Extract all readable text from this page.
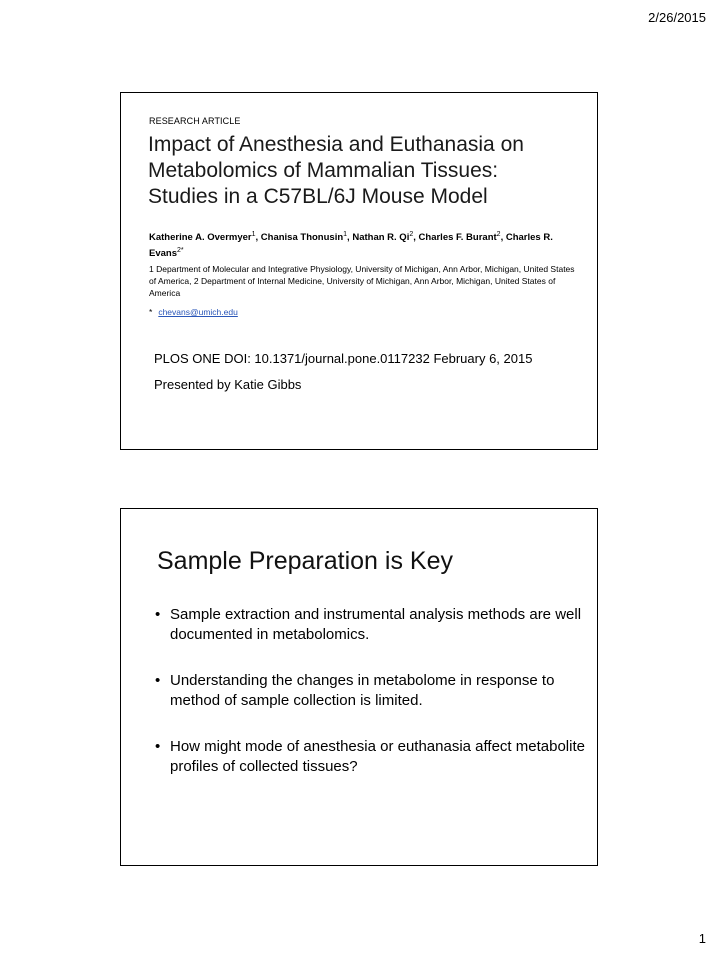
2/26/2015
RESEARCH ARTICLE
Impact of Anesthesia and Euthanasia on
Metabolomics of Mammalian Tissues:
Studies in a C57BL/6J Mouse Model
Katherine A. Overmyer$^1$, Chanisa Thonusin$^1$, Nathan R. Qi$^2$, Charles F. Burant$^2$, Charles R. Evans$^{2*}$
1 Department of Molecular and Integrative Physiology, University of Michigan, Ann Arbor, Michigan, United States of America, 2 Department of Internal Medicine, University of Michigan, Ann Arbor, Michigan, United States of America
* chevans@umich.edu
PLOS ONE DOI: 10.1371/journal.pone.0117232 February 6, 2015
Presented by Katie Gibbs
Sample Preparation is Key
• Sample extraction and instrumental analysis methods are well documented in metabolomics.
• Understanding the changes in metabolome in response to method of sample collection is limited.
• How might mode of anesthesia or euthanasia affect metabolite profiles of collected tissues?
1
